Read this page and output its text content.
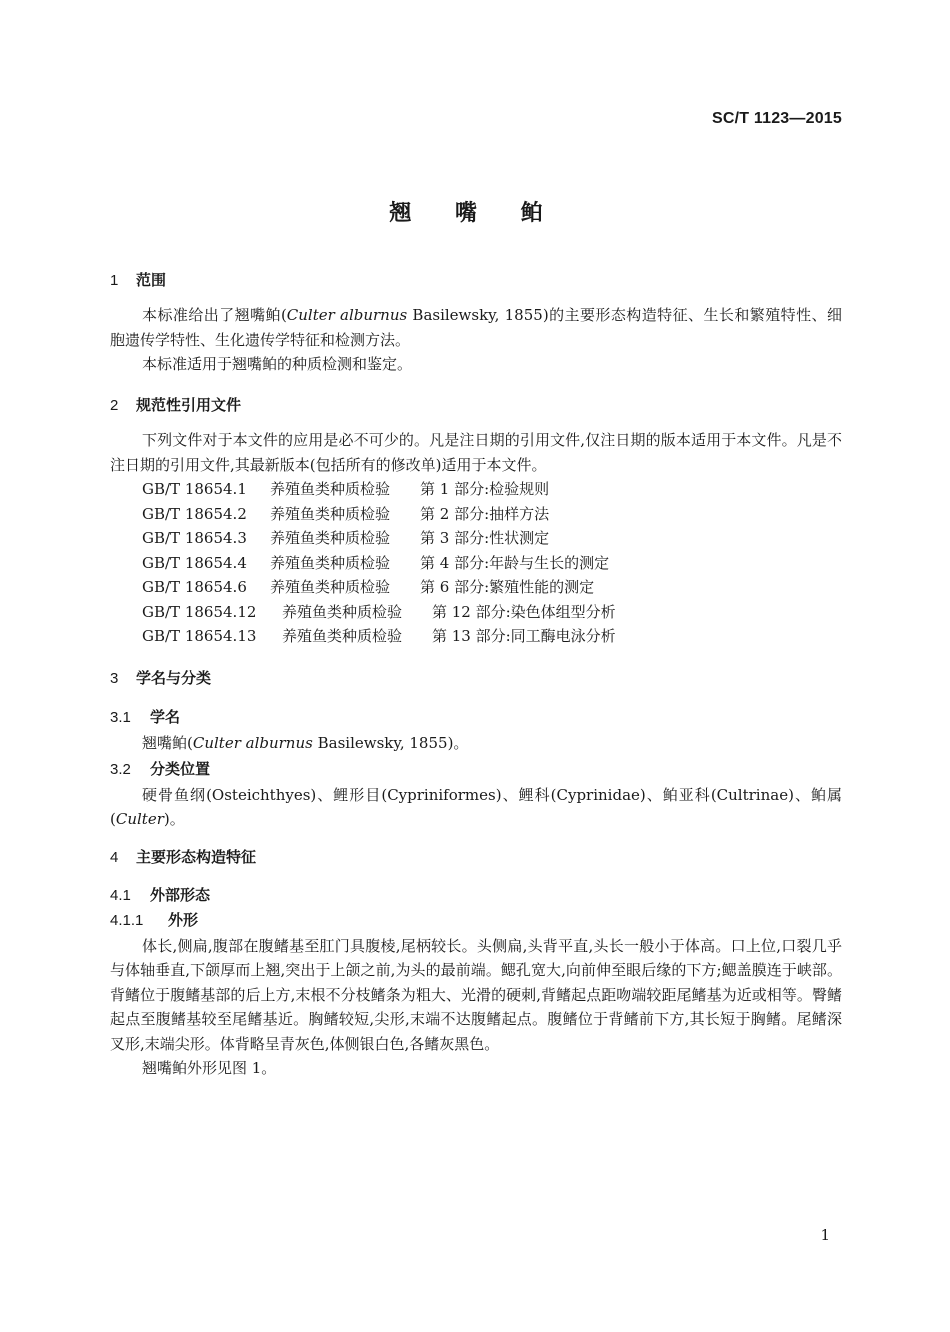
SC/T 1123—2015
翘 嘴 鲌
1 范围

本标准给出了翘嘴鲌(Culter alburnus Basilewsky, 1855)的主要形态构造特征、生长和繁殖特性、细胞遗传学特性、生化遗传学特征和检测方法。

本标准适用于翘嘴鲌的种质检测和鉴定。

2 规范性引用文件

下列文件对于本文件的应用是必不可少的。凡是注日期的引用文件,仅注日期的版本适用于本文件。凡是不注日期的引用文件,其最新版本(包括所有的修改单)适用于本文件。

GB/T 18654.1 养殖鱼类种质检验 第 1 部分:检验规则
GB/T 18654.2 养殖鱼类种质检验 第 2 部分:抽样方法
GB/T 18654.3 养殖鱼类种质检验 第 3 部分:性状测定
GB/T 18654.4 养殖鱼类种质检验 第 4 部分:年龄与生长的测定
GB/T 18654.6 养殖鱼类种质检验 第 6 部分:繁殖性能的测定
GB/T 18654.12 养殖鱼类种质检验 第 12 部分:染色体组型分析
GB/T 18654.13 养殖鱼类种质检验 第 13 部分:同工酶电泳分析
3 学名与分类
3.1 学名

翘嘴鲌(Culter alburnus Basilewsky, 1855)。

3.2 分类位置

硬骨鱼纲(Osteichthyes)、鲤形目(Cypriniformes)、鲤科(Cyprinidae)、鲌亚科(Cultrinae)、鲌属(Culter)。

4 主要形态构造特征
4.1 外部形态
4.1.1 外形

体长,侧扁,腹部在腹鳍基至肛门具腹棱,尾柄较长。头侧扁,头背平直,头长一般小于体高。口上位,口裂几乎与体轴垂直,下颌厚而上翘,突出于上颌之前,为头的最前端。鳃孔宽大,向前伸至眼后缘的下方;鳃盖膜连于峡部。背鳍位于腹鳍基部的后上方,末根不分枝鳍条为粗大、光滑的硬刺,背鳍起点距吻端较距尾鳍基为近或相等。臀鳍起点至腹鳍基较至尾鳍基近。胸鳍较短,尖形,末端不达腹鳍起点。腹鳍位于背鳍前下方,其长短于胸鳍。尾鳍深叉形,末端尖形。体背略呈青灰色,体侧银白色,各鳍灰黑色。

翘嘴鲌外形见图 1。

1
